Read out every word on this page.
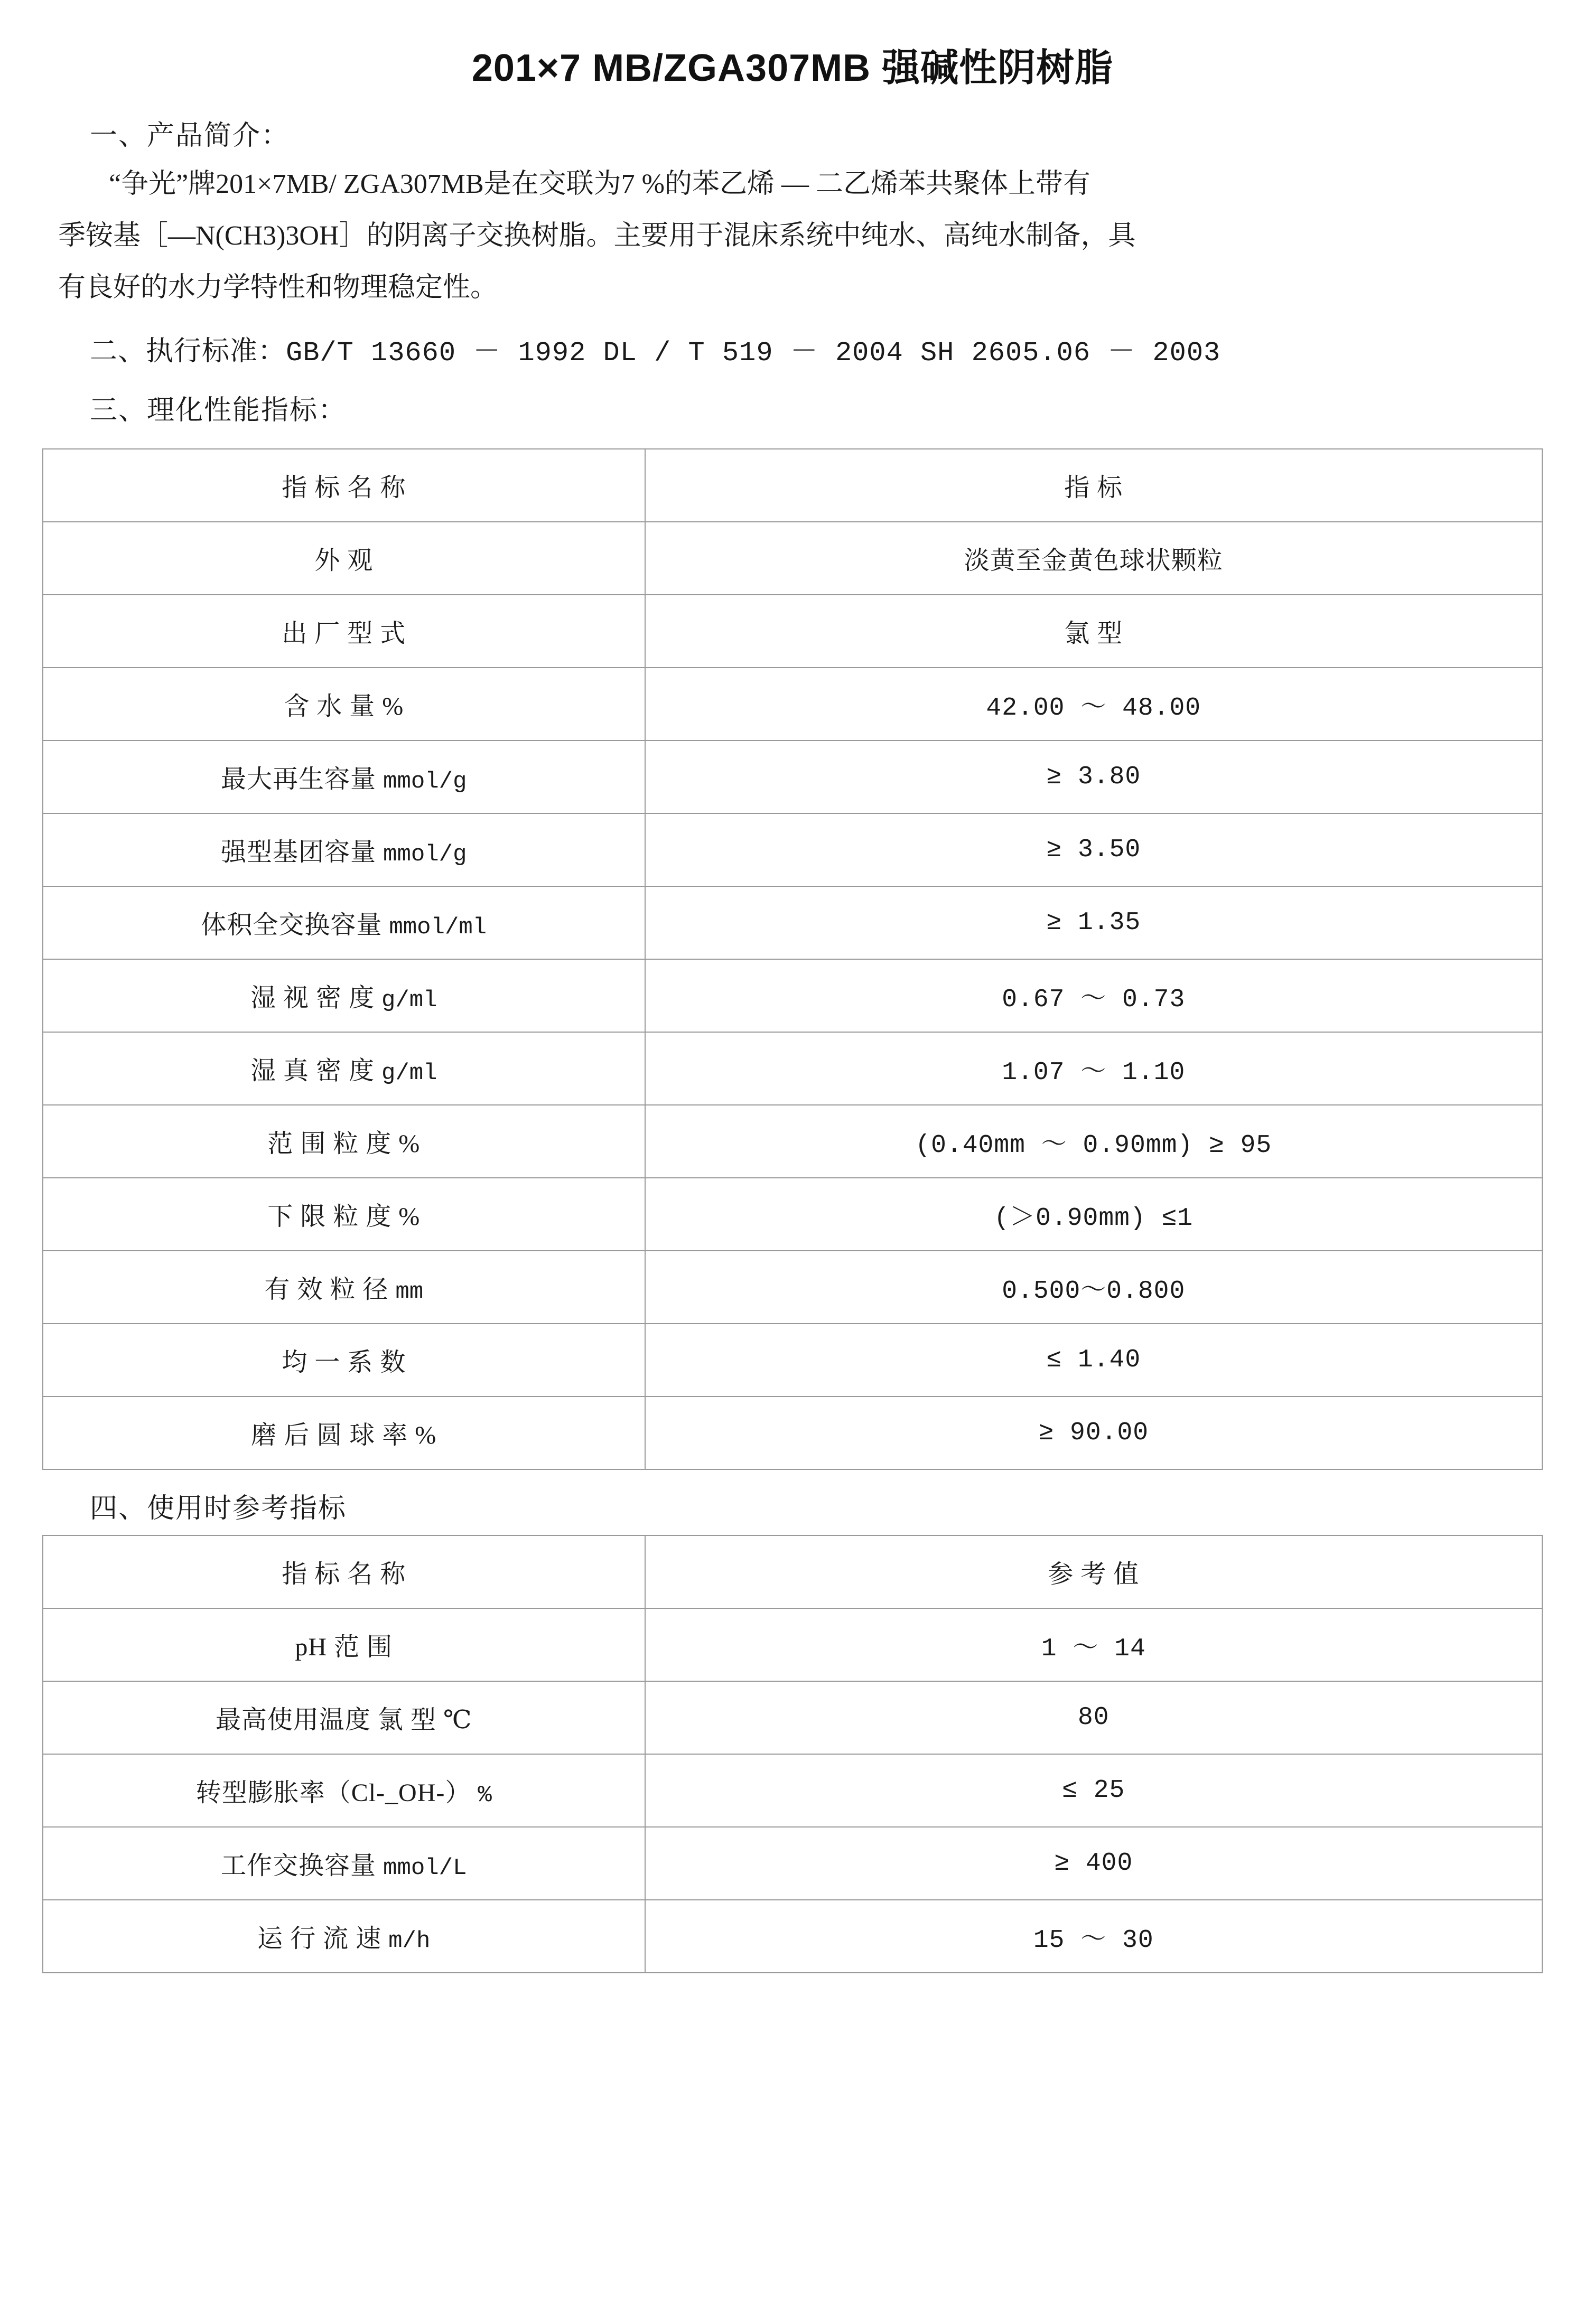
201×7 MB/ZGA307MB 强碱性阴树脂
一、产品简介：

“争光”牌201×7MB/ ZGA307MB是在交联为7 %的苯乙烯 — 二乙烯苯共聚体上带有

季铵基［—N(CH3)3OH］的阴离子交换树脂。主要用于混床系统中纯水、高纯水制备，具

有良好的水力学特性和物理稳定性。

二、执行标准：GB/T 13660 － 1992 DL / T 519 － 2004 SH 2605.06 － 2003
三、理化性能指标：
指 标 名 称	指 标
外 观	淡黄至金黄色球状颗粒
出 厂 型 式	氯 型
含 水 量 %	42.00 ～ 48.00
最大再生容量 mmol/g	≥ 3.80
强型基团容量 mmol/g	≥ 3.50
体积全交换容量 mmol/ml	≥ 1.35
湿 视 密 度 g/ml	0.67 ～ 0.73
湿 真 密 度 g/ml	1.07 ～ 1.10
范 围 粒 度 %	(0.40mm ～ 0.90mm) ≥ 95
下 限 粒 度 %	(＞0.90mm) ≤1
有 效 粒 径 mm	0.500～0.800
均 一 系 数	≤ 1.40
磨 后 圆 球 率 %	≥ 90.00
四、使用时参考指标
指 标 名 称	参 考 值
pH 范 围	1 ～ 14
最高使用温度 氯 型 ℃	80
转型膨胀率（Cl-_OH-） %	≤ 25
工作交换容量 mmol/L	≥ 400
运 行 流 速 m/h	15 ～ 30
